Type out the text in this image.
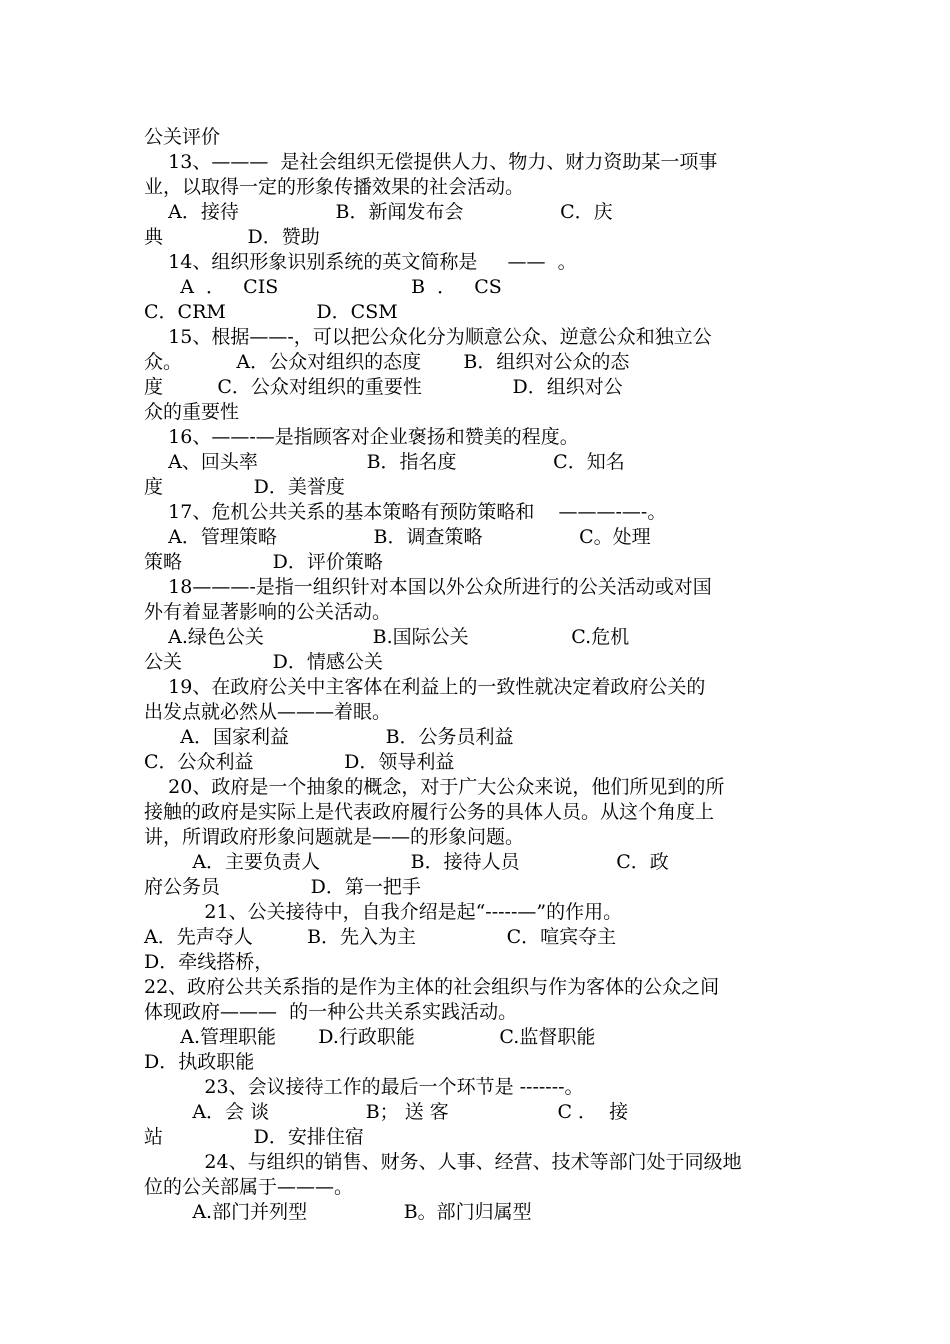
公关评价
13、———  是社会组织无偿提供人力、物力、财力资助某一项事
业，以取得一定的形象传播效果的社会活动。
A．接待                B．新闻发布会                C．庆
典              D．赞助
14、组织形象识别系统的英文简称是     ——  。
A  ．   CIS                      B  ．   CS
C．CRM               D．CSM
15、根据——-，可以把公众化分为顺意公众、逆意公众和独立公
众。         A．公众对组织的态度       B．组织对公众的态
度         C．公众对组织的重要性               D．组织对公
众的重要性
16、——-—是指顾客对企业褒扬和赞美的程度。
A、回头率                  B．指名度                C．知名
度               D．美誉度
17、危机公共关系的基本策略有预防策略和    ———-—-。
A．管理策略                B．调查策略                C。处理
策略               D．评价策略
18———-是指一组织针对本国以外公众所进行的公关活动或对国
外有着显著影响的公关活动。
A.绿色公关                  B.国际公关                 C.危机
公关               D．情感公关
19、在政府公关中主客体在利益上的一致性就决定着政府公关的
出发点就必然从———着眼。
A．国家利益                B．公务员利益
C．公众利益               D．领导利益
20、政府是一个抽象的概念，对于广大公众来说，他们所见到的所
接触的政府是实际上是代表政府履行公务的具体人员。从这个角度上
讲，所谓政府形象问题就是——的形象问题。
A．主要负责人               B．接待人员                C．政
府公务员               D．第一把手
21、公关接待中，自我介绍是起“-----—”的作用。
A．先声夺人         B．先入为主               C．喧宾夺主
D．牵线搭桥，
22、政府公共关系指的是作为主体的社会组织与作为客体的公众之间
体现政府———  的一种公共关系实践活动。
A.管理职能       D.行政职能              C.监督职能
D．执政职能
23、会议接待工作的最后一个环节是 -------。
A．会 谈                B； 送 客                  C ．  接
站               D．安排住宿
24、与组织的销售、财务、人事、经营、技术等部门处于同级地
位的公关部属于———。
A.部门并列型                B。部门归属型
